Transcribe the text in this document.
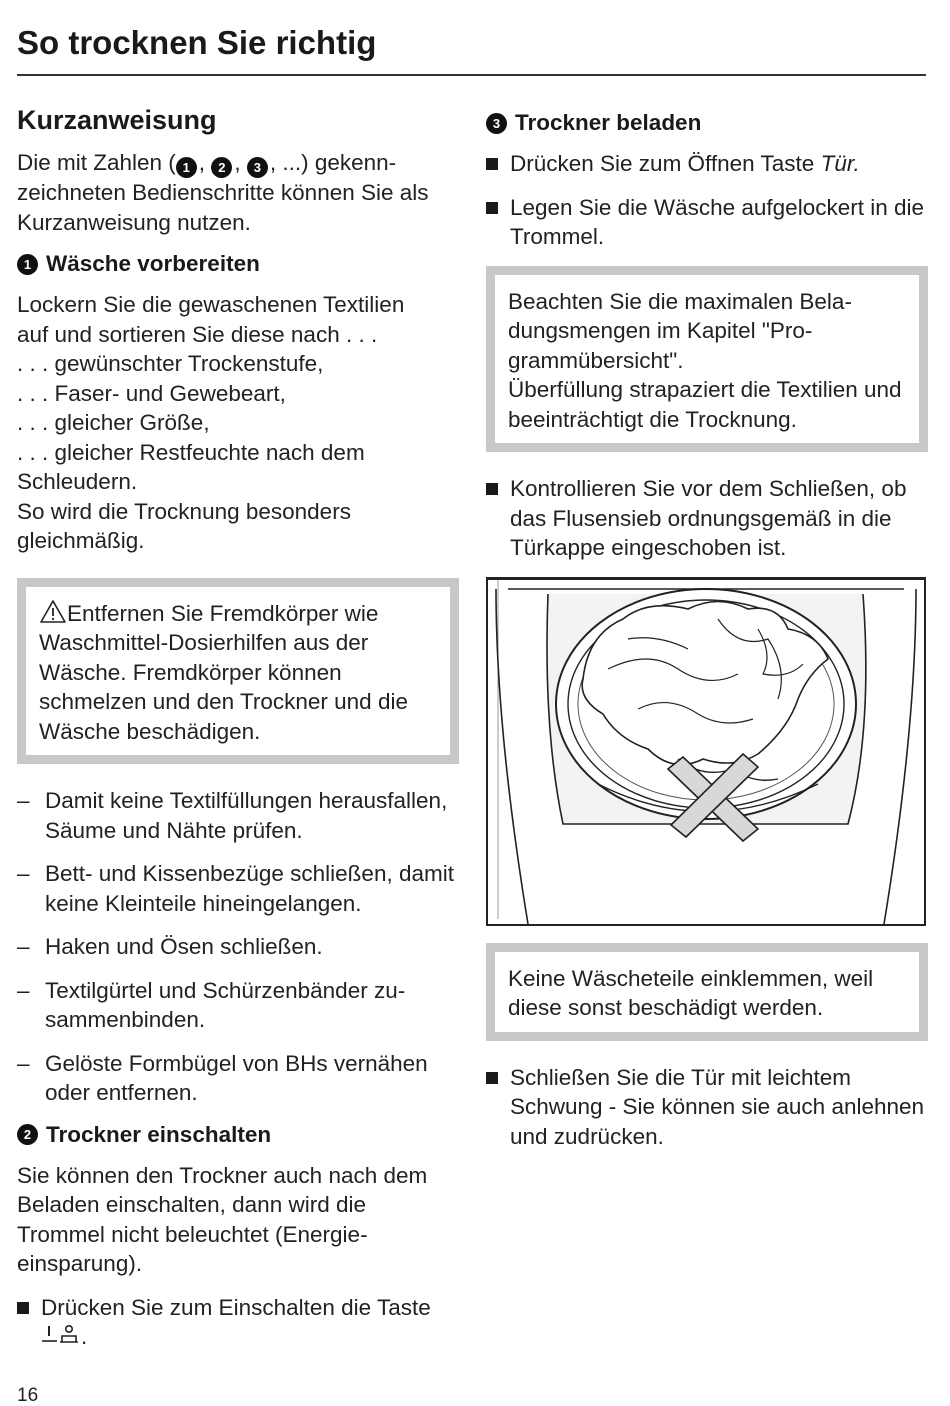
So trocknen Sie richtig
Kurzanweisung

Die mit Zahlen ( 1 , 2 , 3 , ...) gekennzeichneten Bedienschritte können Sie als Kurzanweisung nutzen.

1 Wäsche vorbereiten
Lockern Sie die gewaschenen Textilien
auf und sortieren Sie diese nach . . .
. . . gewünschter Trockenstufe,
. . . Faser- und Gewebeart,
. . . gleicher Größe,
. . . gleicher Restfeuchte nach dem
Schleudern.
So wird die Trocknung besonders
gleichmäßig.

Entfernen Sie Fremdkörper wie Waschmittel-Dosierhilfen aus der Wäsche. Fremdkörper können schmelzen und den Trockner und die Wäsche beschädigen.

– Damit keine Textilfüllungen herausfallen, Säume und Nähte prüfen.
– Bett- und Kissenbezüge schließen, damit keine Kleinteile hineingelangen.
– Haken und Ösen schließen.
– Textilgürtel und Schürzenbänder zusammenbinden.
– Gelöste Formbügel von BHs vernähen oder entfernen.
2 Trockner einschalten

Sie können den Trockner auch nach dem Beladen einschalten, dann wird die Trommel nicht beleuchtet (Energieeinsparung).

Drücken Sie zum Einschalten die Taste .
3 Trockner beladen
Drücken Sie zum Öffnen Taste Tür.
Legen Sie die Wäsche aufgelockert in die Trommel.

Beachten Sie die maximalen Beladungsmengen im Kapitel "Programmübersicht".
Überfüllung strapaziert die Textilien und beeinträchtigt die Trocknung.

Kontrollieren Sie vor dem Schließen, ob das Flusensieb ordnungsgemäß in die Türkappe eingeschoben ist.

Keine Wäscheteile einklemmen, weil diese sonst beschädigt werden.

Schließen Sie die Tür mit leichtem Schwung - Sie können sie auch anlehnen und zudrücken.
16
